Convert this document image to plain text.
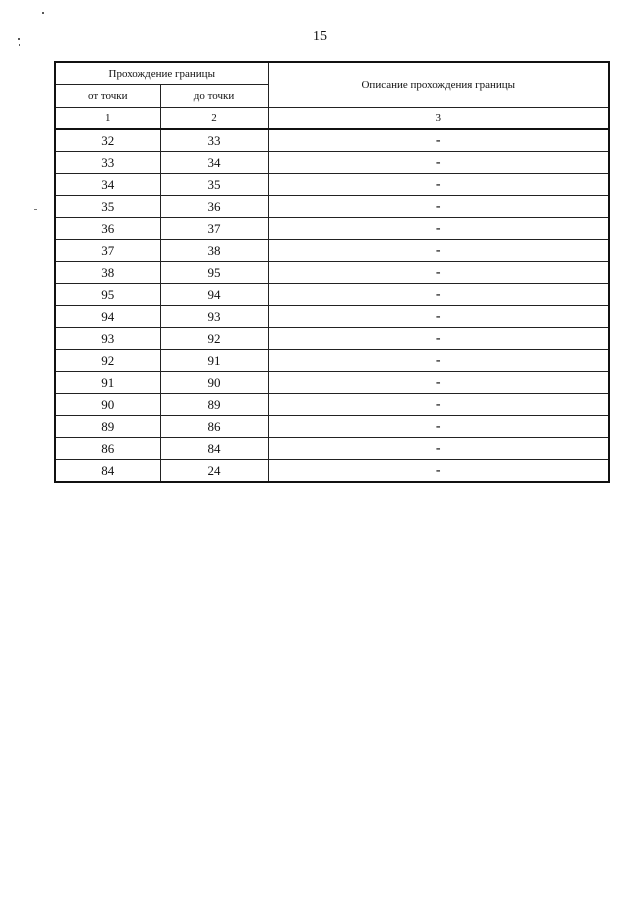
15
Прохождение границы		Описание прохождения границы
от точки	до точки	
1	2	3
32	33	-
33	34	-
34	35	-
35	36	-
36	37	-
37	38	-
38	95	-
95	94	-
94	93	-
93	92	-
92	91	-
91	90	-
90	89	-
89	86	-
86	84	-
84	24	-
